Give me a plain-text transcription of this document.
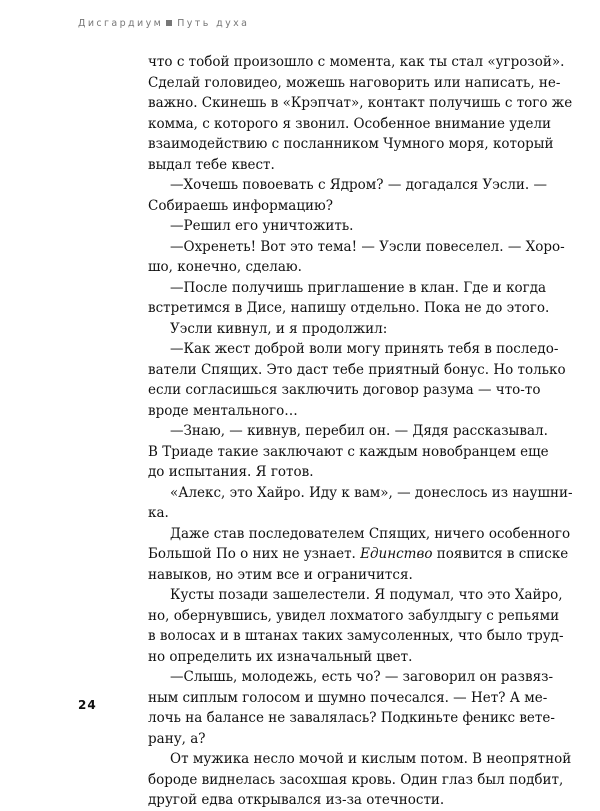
Дисгардиум Путь духа
что с тобой произошло с момента, как ты стал «угрозой».
Сделай головидео, можешь наговорить или написать, не-
важно. Скинешь в «Крэпчат», контакт получишь с того же
комма, с которого я звонил. Особенное внимание удели
взаимодействию с посланником Чумного моря, который
выдал тебе квест.
—Хочешь повоевать с Ядром? — догадался Уэсли. —
Собираешь информацию?
—Решил его уничтожить.
—Охренеть! Вот это тема! — Уэсли повеселел. — Хоро-
шо, конечно, сделаю.
—После получишь приглашение в клан. Где и когда
встретимся в Дисе, напишу отдельно. Пока не до этого.
Уэсли кивнул, и я продолжил:
—Как жест доброй воли могу принять тебя в последо-
ватели Спящих. Это даст тебе приятный бонус. Но только
если согласишься заключить договор разума — что-то
вроде ментального…
—Знаю, — кивнув, перебил он. — Дядя рассказывал.
В Триаде такие заключают с каждым новобранцем еще
до испытания. Я готов.
«Алекс, это Хайро. Иду к вам», — донеслось из наушни-
ка.
Даже став последователем Спящих, ничего особенного
Большой По о них не узнает. Единство появится в списке
навыков, но этим все и ограничится.
Кусты позади зашелестели. Я подумал, что это Хайро,
но, обернувшись, увидел лохматого забулдыгу с репьями
в волосах и в штанах таких замусоленных, что было труд-
но определить их изначальный цвет.
—Слышь, молодежь, есть чо? — заговорил он развяз-
ным сиплым голосом и шумно почесался. — Нет? А ме-
лочь на балансе не завалялась? Подкиньте феникс вете-
рану, а?
От мужика несло мочой и кислым потом. В неопрятной
бороде виднелась засохшая кровь. Один глаз был подбит,
другой едва открывался из-за отечности.
24
